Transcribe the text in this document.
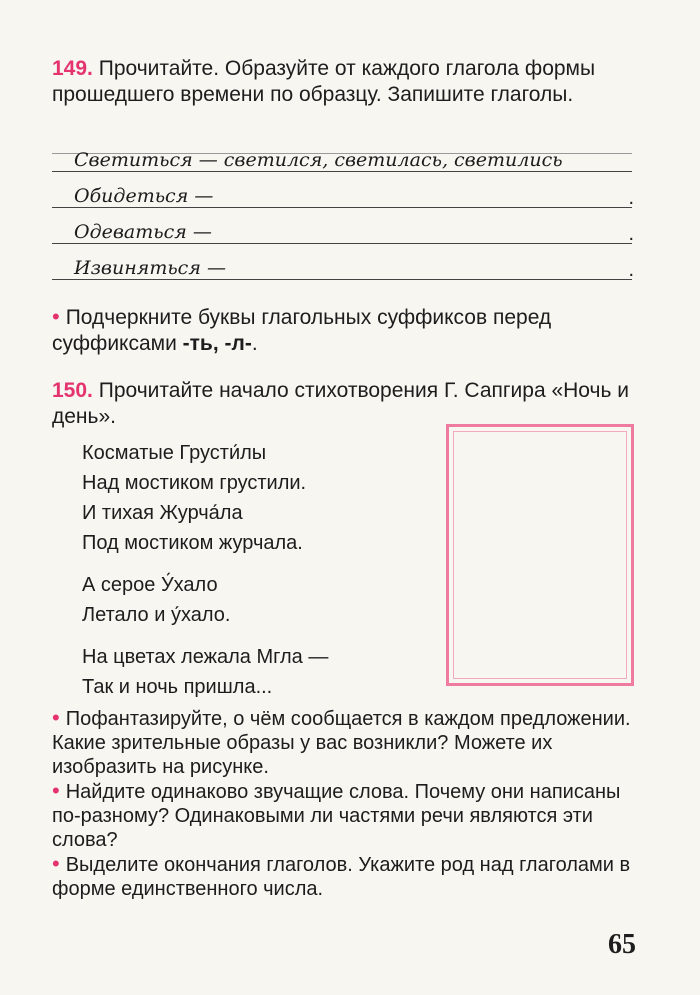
149. Прочитайте. Образуйте от каждого глагола формы прошедшего времени по образцу. Запишите глаголы.

Светиться — светился, светилась, светились
Обидеться —	.
Одеваться —	.
Извиняться —	.

• Подчеркните буквы глагольных суффиксов перед суффиксами -ть, -л-.

150. Прочитайте начало стихотворения Г. Сапгира «Ночь и день».

Косматые Грусти́лы
Над мостиком грустили.
И тихая Журча́ла
Под мостиком журчала.
А серое У́хало
Летало и у́хало.
На цветах лежала Мгла —
Так и ночь пришла...
• Пофантазируйте, о чём сообщается в каждом предложении. Какие зрительные образы у вас возникли? Можете их изобразить на рисунке.
• Найдите одинаково звучащие слова. Почему они написаны по-разному? Одинаковыми ли частями речи являются эти слова?
• Выделите окончания глаголов. Укажите род над глаголами в форме единственного числа.
65
